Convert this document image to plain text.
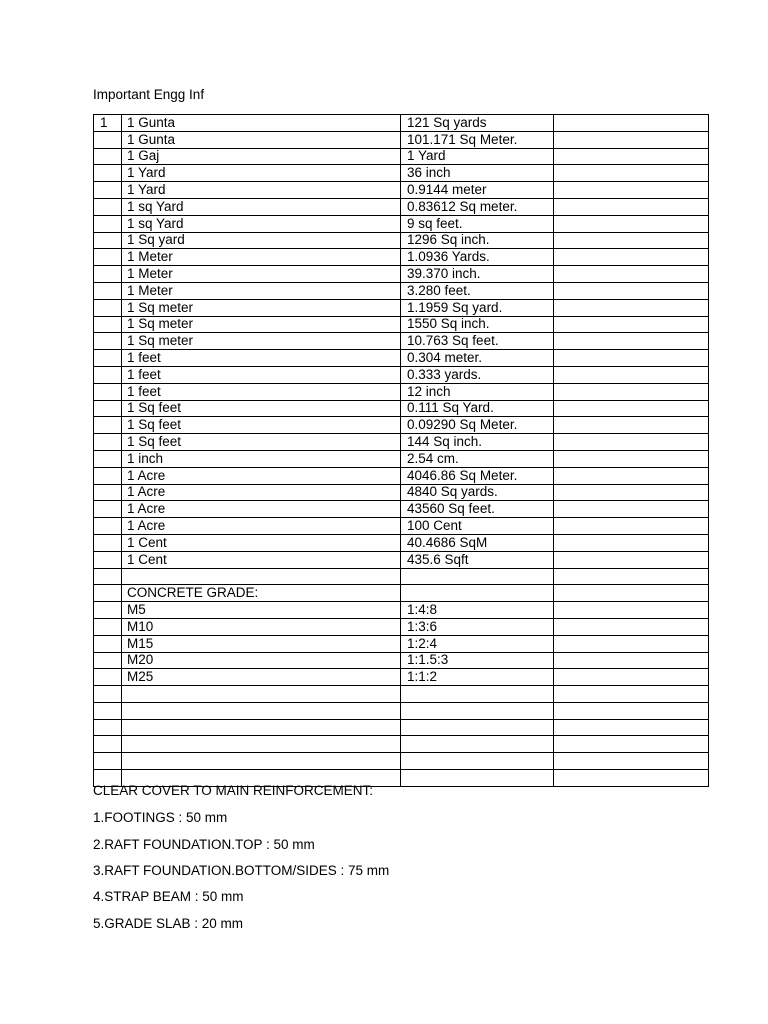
Important Engg Inf
1	1 Gunta	121 Sq yards	
	1 Gunta	101.171 Sq Meter.	
	1 Gaj	1 Yard	
	1 Yard	36 inch	
	1 Yard	0.9144 meter	
	1 sq Yard	0.83612 Sq meter.	
	1 sq Yard	9 sq feet.	
	1 Sq yard	1296 Sq inch.	
	1 Meter	1.0936 Yards.	
	1 Meter	39.370 inch.	
	1 Meter	3.280 feet.	
	1 Sq meter	1.1959 Sq yard.	
	1 Sq meter	1550 Sq inch.	
	1 Sq meter	10.763 Sq feet.	
	1 feet	0.304 meter.	
	1 feet	0.333 yards.	
	1 feet	12 inch	
	1 Sq feet	0.111 Sq Yard.	
	1 Sq feet	0.09290 Sq Meter.	
	1 Sq feet	144 Sq inch.	
	1 inch	2.54 cm.	
	1 Acre	4046.86 Sq Meter.	
	1 Acre	4840 Sq yards.	
	1 Acre	43560 Sq feet.	
	1 Acre	100 Cent	
	1 Cent	40.4686 SqM	
	1 Cent	435.6 Sqft	

	CONCRETE GRADE:		
	M5	1:4:8	
	M10	1:3:6	
	M15	1:2:4	
	M20	1:1.5:3	
	M25	1:1:2	

CLEAR COVER TO MAIN REINFORCEMENT:
1.FOOTINGS : 50 mm
2.RAFT FOUNDATION.TOP : 50 mm
3.RAFT FOUNDATION.BOTTOM/SIDES : 75 mm
4.STRAP BEAM : 50 mm
5.GRADE SLAB : 20 mm
